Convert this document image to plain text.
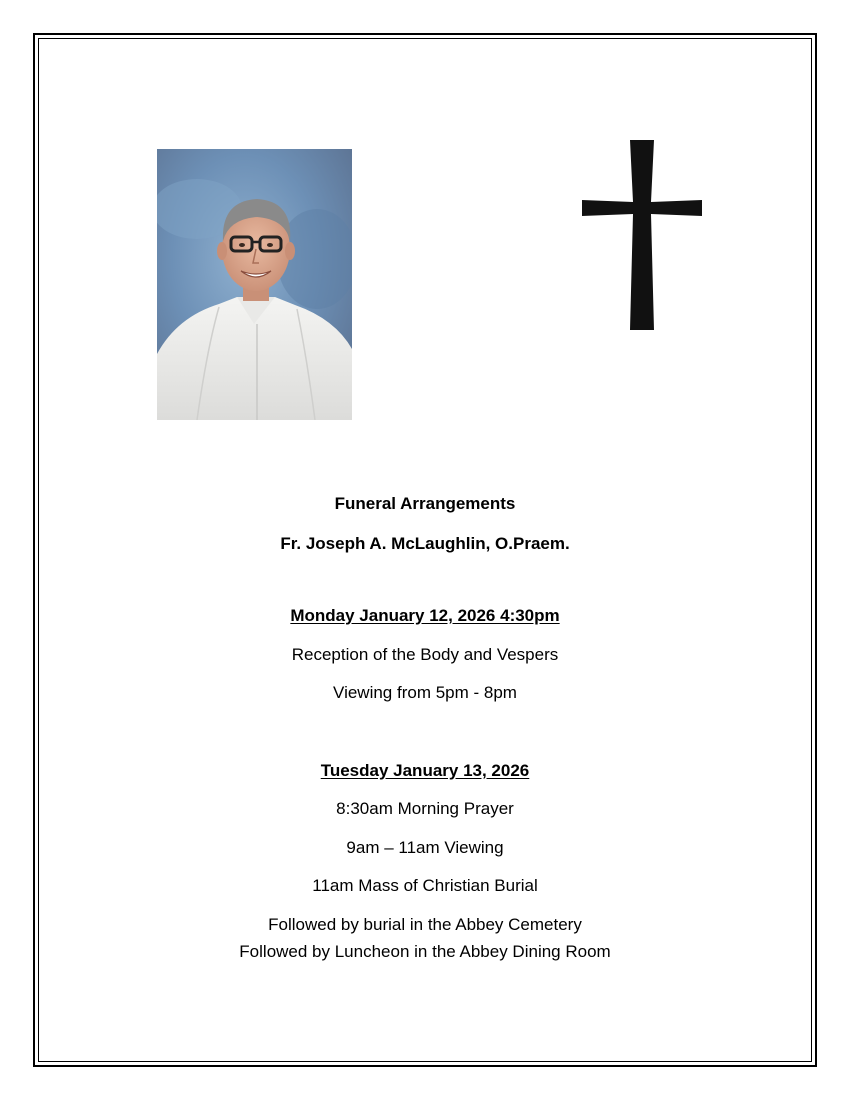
Funeral Arrangements
Fr. Joseph A. McLaughlin, O.Praem.
Monday January 12, 2026 4:30pm
Reception of the Body and Vespers
Viewing from 5pm - 8pm
Tuesday January 13, 2026
8:30am Morning Prayer
9am – 11am Viewing
11am Mass of Christian Burial
Followed by burial in the Abbey Cemetery
Followed by Luncheon in the Abbey Dining Room
